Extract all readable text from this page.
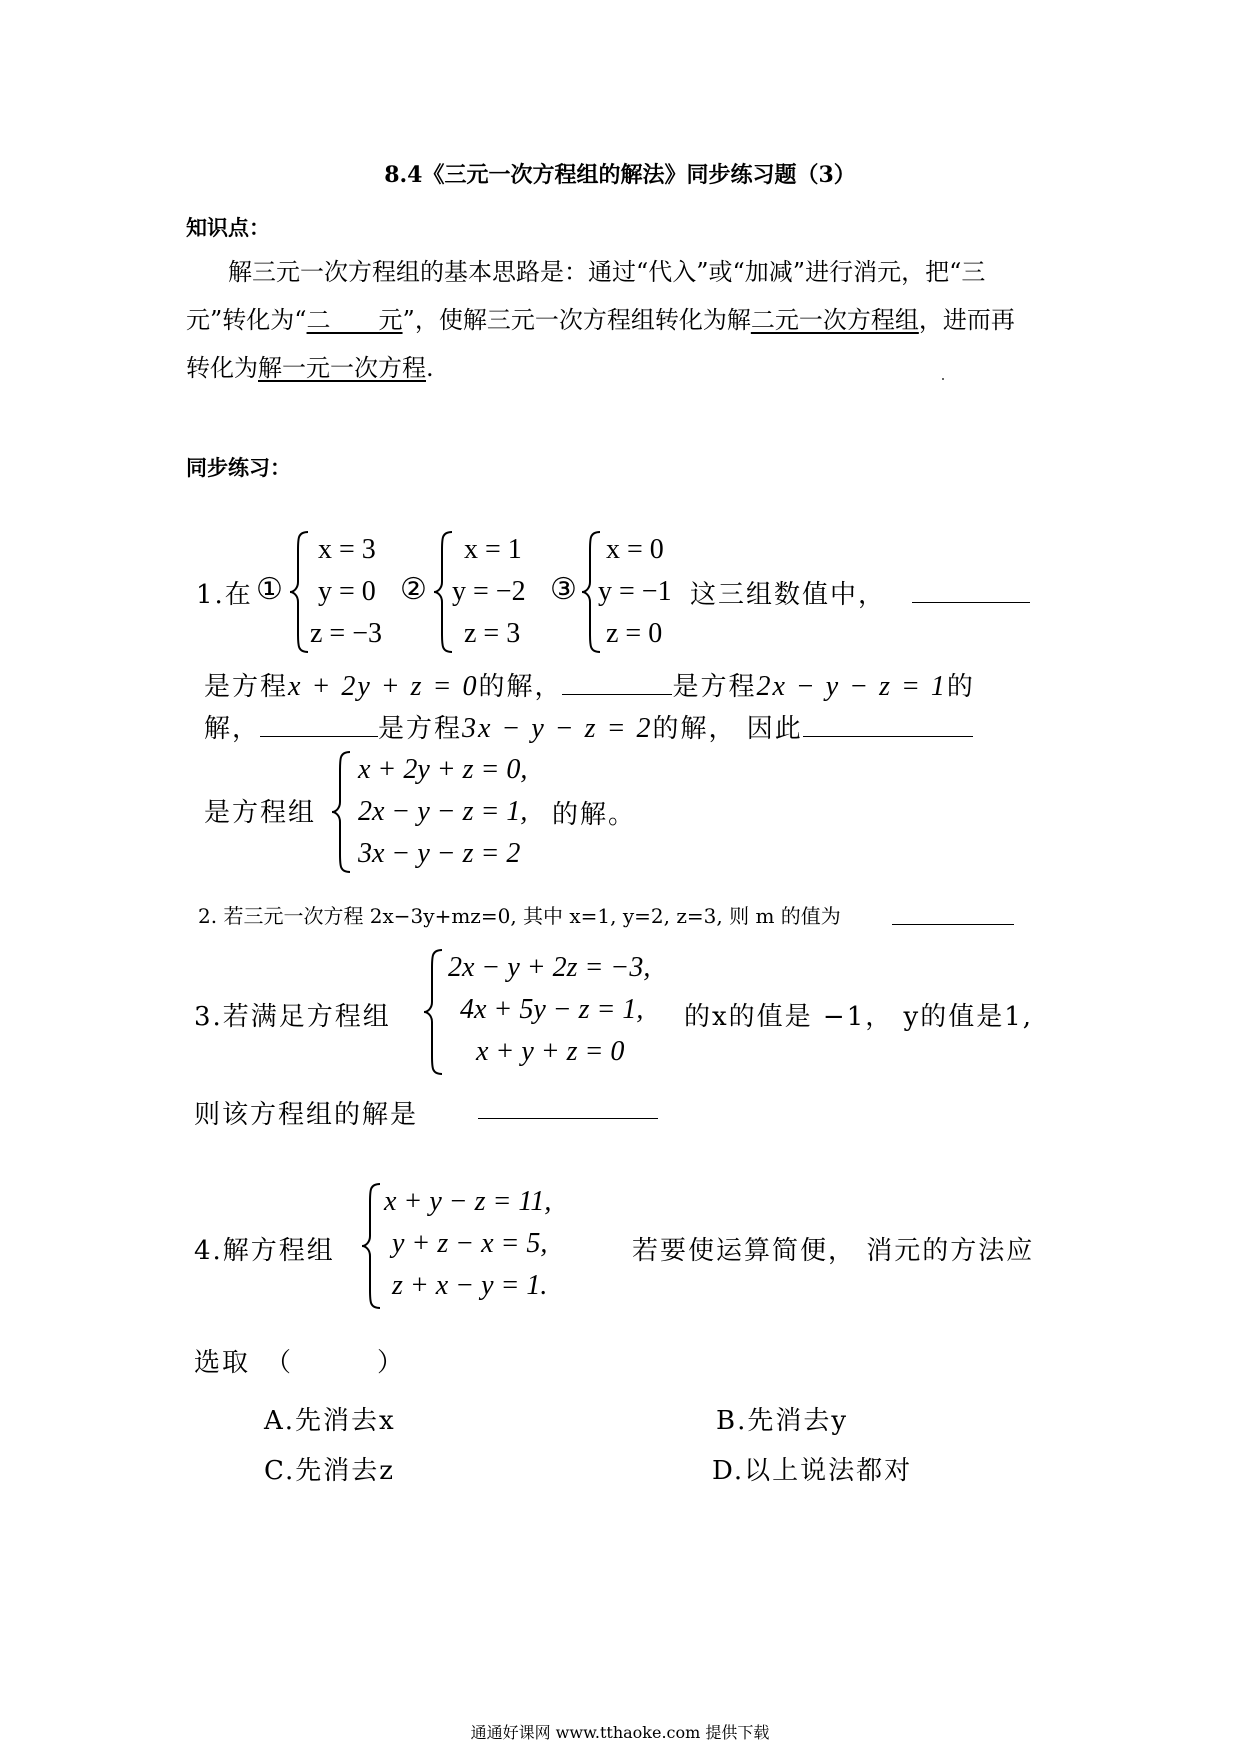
8.4《三元一次方程组的解法》同步练习题（3）
知识点：
解三元一次方程组的基本思路是：通过“代入”或“加减”进行消元，把“三
元”转化为“二　　元”，使解三元一次方程组转化为解二元一次方程组，进而再
转化为解一元一次方程.
同步练习：
1.在 ①
x = 3
y = 0
z = −3
②
x = 1
y = −2
z = 3
③
x = 0
y = −1
z = 0
这三组数值中，
是方程x + 2y + z = 0的解，	是方程2x − y − z = 1的
解，	是方程3x − y − z = 2的解， 因此
是方程组
x + 2y + z = 0,
2x − y − z = 1,
3x − y − z = 2
的解。
2. 若三元一次方程 2x−3y+mz=0, 其中 x=1, y=2, z=3, 则 m 的值为
2x − y + 2z = −3,
4x + 5y − z = 1,
x + y + z = 0
3.若满足方程组	的x的值是 −1， y的值是1,
则该方程组的解是
x + y − z = 11,
y + z − x = 5,
z + x − y = 1.
4.解方程组	若要使运算简便， 消元的方法应
选取　（　　　）
A.先消去x	B.先消去y
C.先消去z	D.以上说法都对
通通好课网 www.tthaoke.com 提供下载
